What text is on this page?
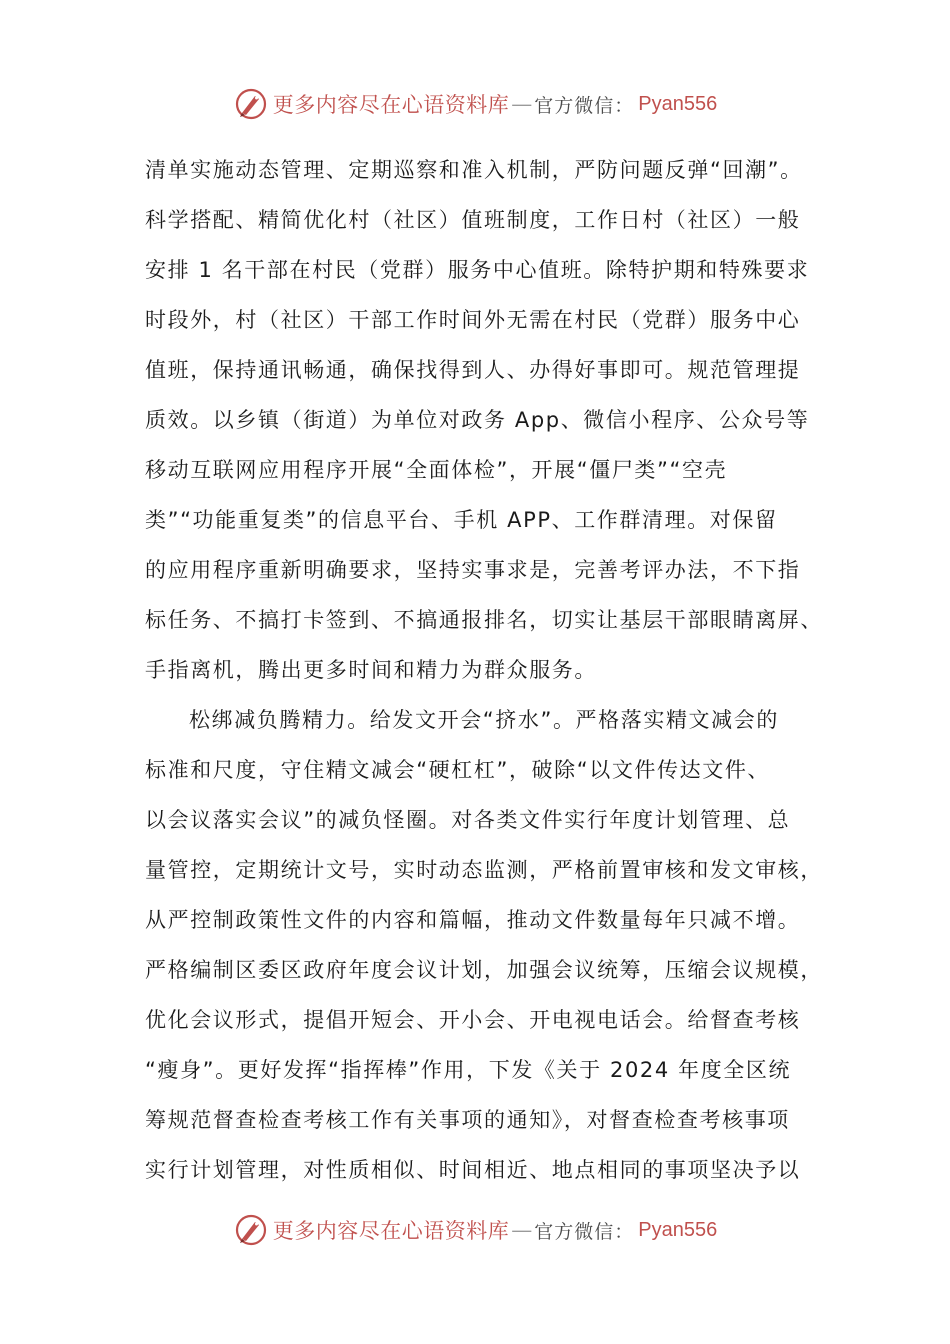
更多内容尽在心语资料库 — 官方微信： Pyan556
清单实施动态管理、定期巡察和准入机制，严防问题反弹“回潮”。
科学搭配、精简优化村（社区）值班制度，工作日村（社区）一般
安排 1 名干部在村民（党群）服务中心值班。除特护期和特殊要求
时段外，村（社区）干部工作时间外无需在村民（党群）服务中心
值班，保持通讯畅通，确保找得到人、办得好事即可。规范管理提
质效。以乡镇（街道）为单位对政务 App、微信小程序、公众号等
移动互联网应用程序开展“全面体检”，开展“僵尸类”“空壳
类”“功能重复类”的信息平台、手机 APP、工作群清理。对保留
的应用程序重新明确要求，坚持实事求是，完善考评办法，不下指
标任务、不搞打卡签到、不搞通报排名，切实让基层干部眼睛离屏、
手指离机，腾出更多时间和精力为群众服务。
松绑减负腾精力。给发文开会“挤水”。严格落实精文减会的
标准和尺度，守住精文减会“硬杠杠”，破除“以文件传达文件、
以会议落实会议”的减负怪圈。对各类文件实行年度计划管理、总
量管控，定期统计文号，实时动态监测，严格前置审核和发文审核，
从严控制政策性文件的内容和篇幅，推动文件数量每年只减不增。
严格编制区委区政府年度会议计划，加强会议统筹，压缩会议规模，
优化会议形式，提倡开短会、开小会、开电视电话会。给督查考核
“瘦身”。更好发挥“指挥棒”作用，下发《关于 2024 年度全区统
筹规范督查检查考核工作有关事项的通知》，对督查检查考核事项
实行计划管理，对性质相似、时间相近、地点相同的事项坚决予以
更多内容尽在心语资料库 — 官方微信： Pyan556
